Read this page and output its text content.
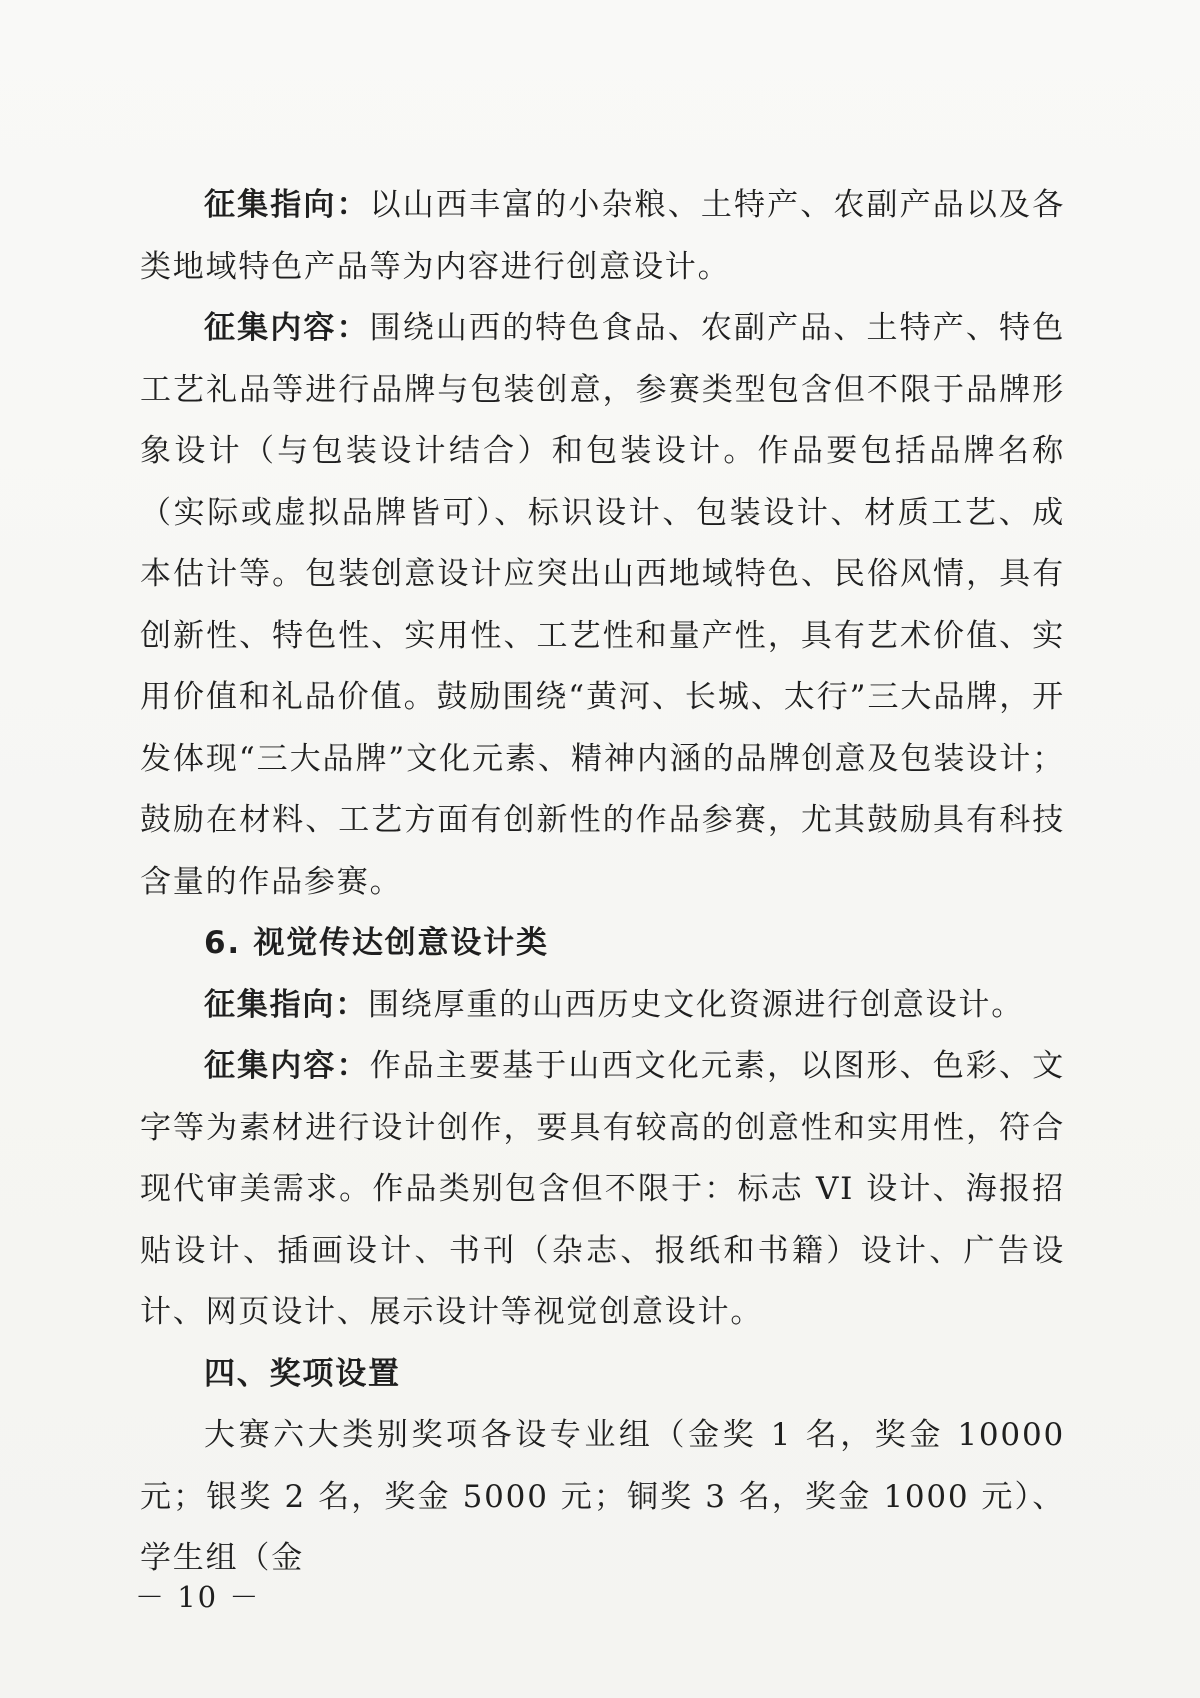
征集指向：以山西丰富的小杂粮、土特产、农副产品以及各类地域特色产品等为内容进行创意设计。

征集内容：围绕山西的特色食品、农副产品、土特产、特色工艺礼品等进行品牌与包装创意，参赛类型包含但不限于品牌形象设计（与包装设计结合）和包装设计。作品要包括品牌名称（实际或虚拟品牌皆可）、标识设计、包装设计、材质工艺、成本估计等。包装创意设计应突出山西地域特色、民俗风情，具有创新性、特色性、实用性、工艺性和量产性，具有艺术价值、实用价值和礼品价值。鼓励围绕“黄河、长城、太行”三大品牌，开发体现“三大品牌”文化元素、精神内涵的品牌创意及包装设计；鼓励在材料、工艺方面有创新性的作品参赛，尤其鼓励具有科技含量的作品参赛。

6. 视觉传达创意设计类

征集指向：围绕厚重的山西历史文化资源进行创意设计。

征集内容：作品主要基于山西文化元素，以图形、色彩、文字等为素材进行设计创作，要具有较高的创意性和实用性，符合现代审美需求。作品类别包含但不限于：标志 VI 设计、海报招贴设计、插画设计、书刊（杂志、报纸和书籍）设计、广告设计、网页设计、展示设计等视觉创意设计。

四、奖项设置

大赛六大类别奖项各设专业组（金奖 1 名，奖金 10000 元；银奖 2 名，奖金 5000 元；铜奖 3 名，奖金 1000 元）、学生组（金

－ 10 －
